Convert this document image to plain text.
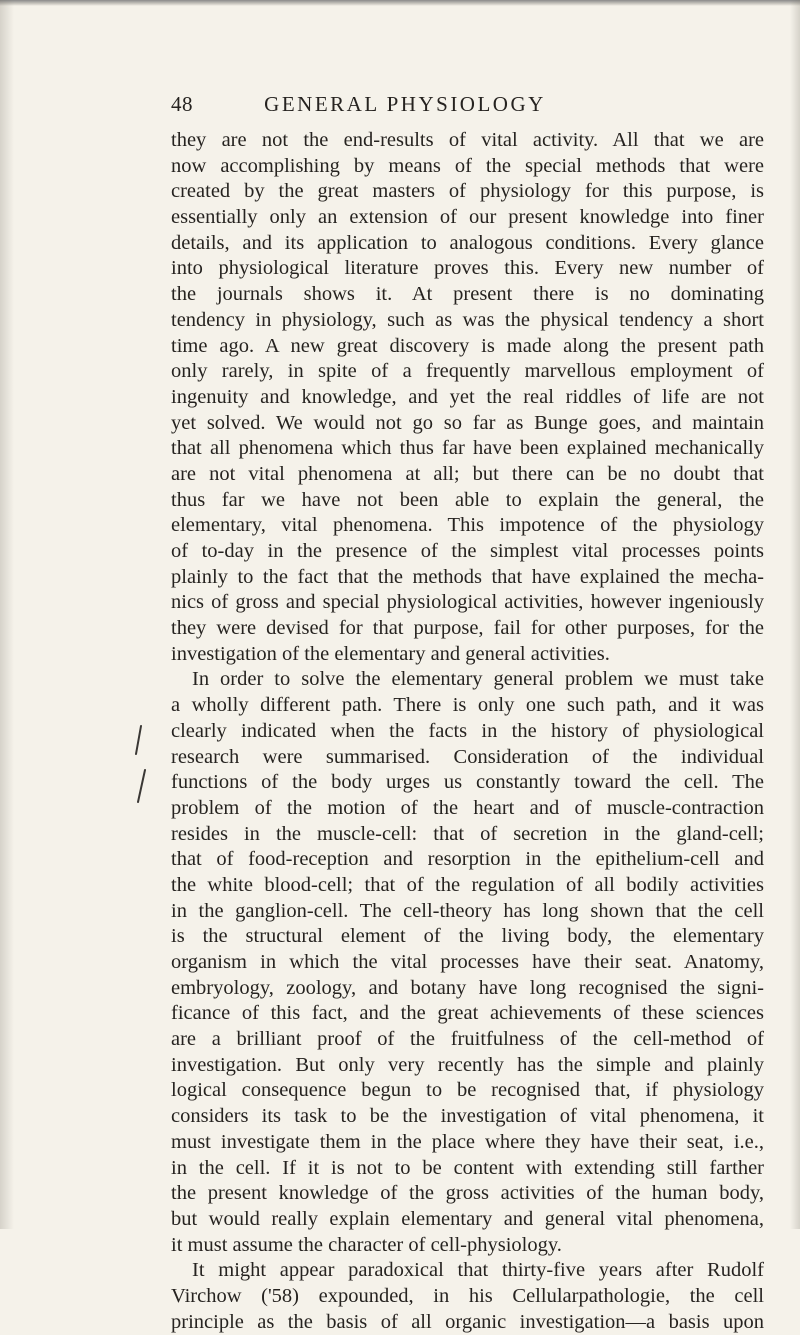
48	GENERAL PHYSIOLOGY
they are not the end-results of vital activity. All that we are
now accomplishing by means of the special methods that were
created by the great masters of physiology for this purpose, is
essentially only an extension of our present knowledge into finer
details, and its application to analogous conditions. Every glance
into physiological literature proves this. Every new number of
the journals shows it. At present there is no dominating
tendency in physiology, such as was the physical tendency a short
time ago. A new great discovery is made along the present path
only rarely, in spite of a frequently marvellous employment of
ingenuity and knowledge, and yet the real riddles of life are not
yet solved. We would not go so far as Bunge goes, and maintain
that all phenomena which thus far have been explained mechanically
are not vital phenomena at all; but there can be no doubt that
thus far we have not been able to explain the general, the
elementary, vital phenomena. This impotence of the physiology
of to-day in the presence of the simplest vital processes points
plainly to the fact that the methods that have explained the mecha-
nics of gross and special physiological activities, however ingeniously
they were devised for that purpose, fail for other purposes, for the
investigation of the elementary and general activities.
In order to solve the elementary general problem we must take
a wholly different path. There is only one such path, and it was
clearly indicated when the facts in the history of physiological
research were summarised. Consideration of the individual
functions of the body urges us constantly toward the cell. The
problem of the motion of the heart and of muscle-contraction
resides in the muscle-cell: that of secretion in the gland-cell;
that of food-reception and resorption in the epithelium-cell and
the white blood-cell; that of the regulation of all bodily activities
in the ganglion-cell. The cell-theory has long shown that the cell
is the structural element of the living body, the elementary
organism in which the vital processes have their seat. Anatomy,
embryology, zoology, and botany have long recognised the signi-
ficance of this fact, and the great achievements of these sciences
are a brilliant proof of the fruitfulness of the cell-method of
investigation. But only very recently has the simple and plainly
logical consequence begun to be recognised that, if physiology
considers its task to be the investigation of vital phenomena, it
must investigate them in the place where they have their seat, i.e.,
in the cell. If it is not to be content with extending still farther
the present knowledge of the gross activities of the human body,
but would really explain elementary and general vital phenomena,
it must assume the character of cell-physiology.
It might appear paradoxical that thirty-five years after Rudolf
Virchow ('58) expounded, in his Cellularpathologie, the cell
principle as the basis of all organic investigation—a basis upon
